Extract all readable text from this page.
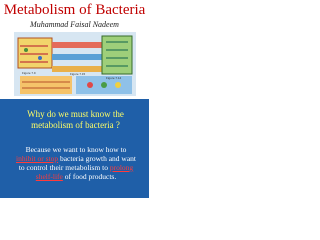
Metabolism of Bacteria
Muhammad Faisal Nadeem
Figure 7.9	Figure 7.15
Figure 7.14
Why do we must know the metabolism of bacteria ?
Because we want to know how to inhibit or stop bacteria growth and want to control their metabolism to prolong shelf-life of food products.
